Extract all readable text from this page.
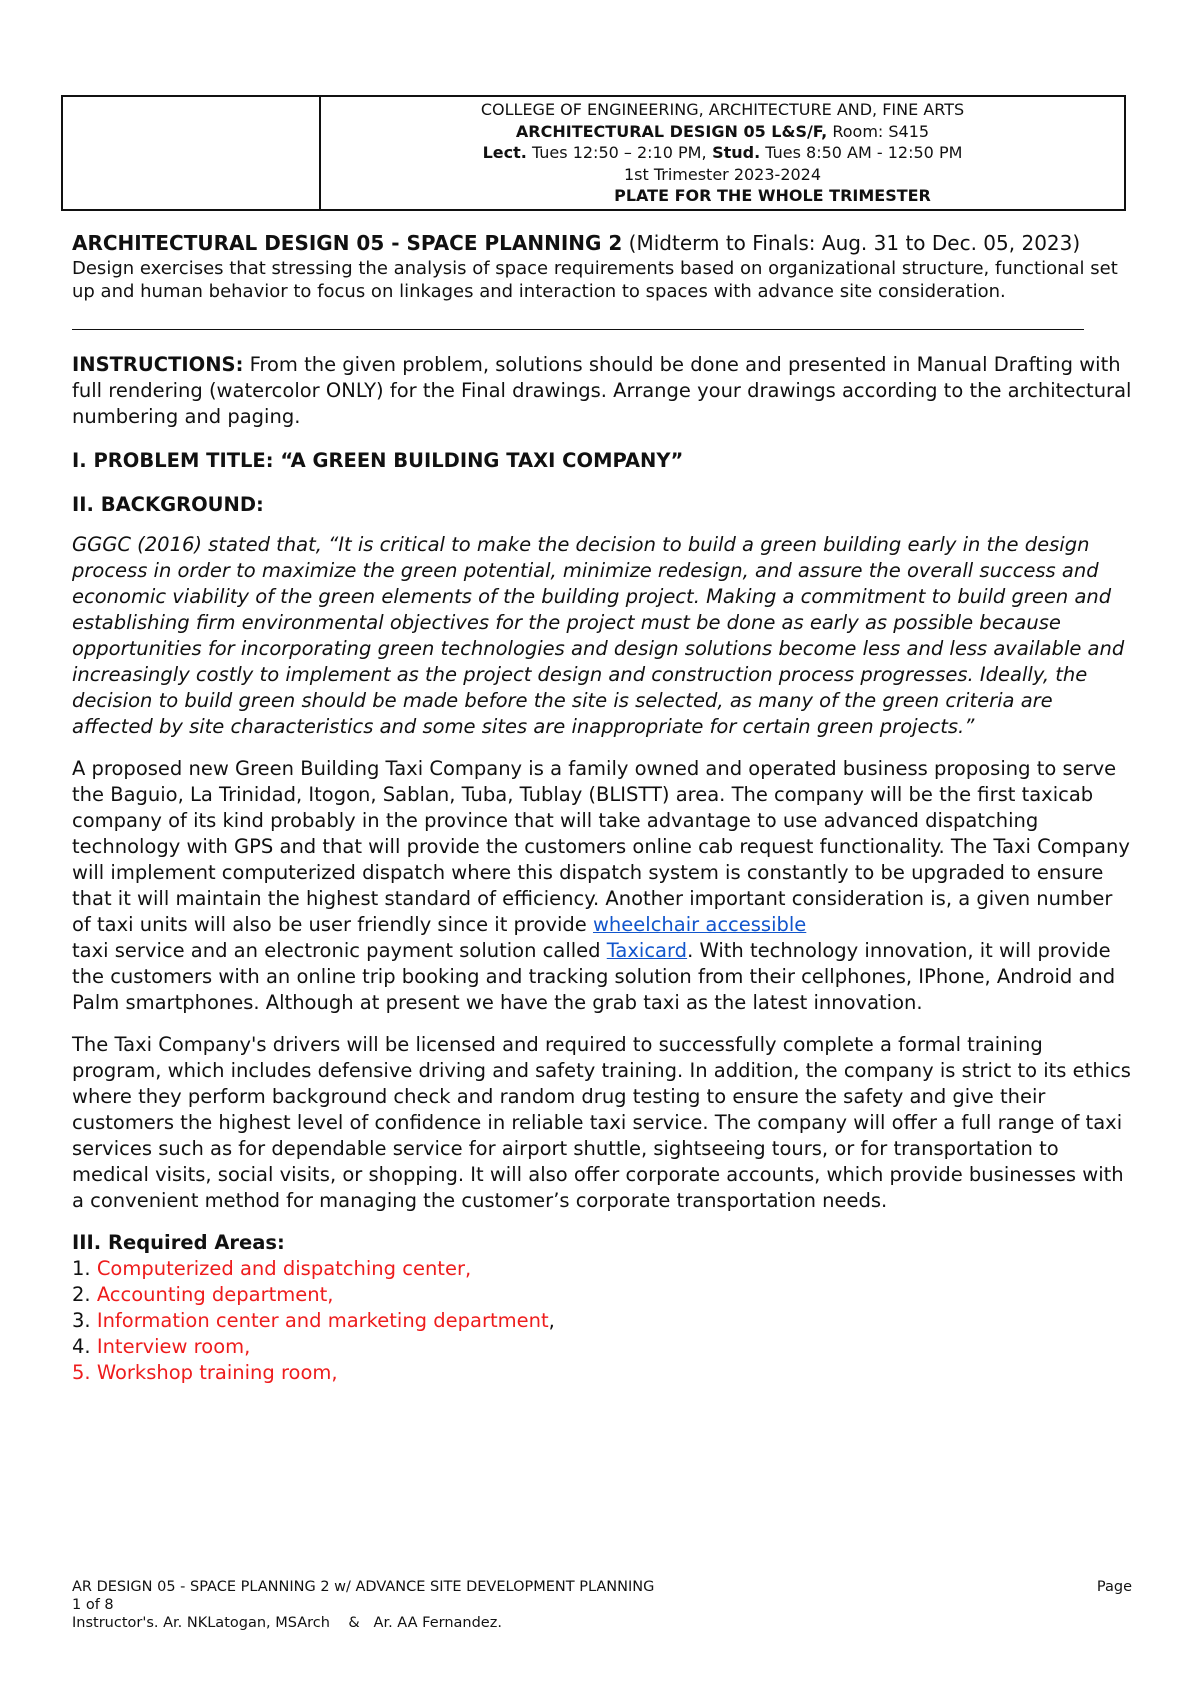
COLLEGE OF ENGINEERING, ARCHITECTURE AND, FINE ARTS
ARCHITECTURAL DESIGN 05 L&S/F, Room: S415
Lect. Tues 12:50 – 2:10 PM, Stud. Tues 8:50 AM - 12:50 PM
1st Trimester 2023-2024
PLATE FOR THE WHOLE TRIMESTER

ARCHITECTURAL DESIGN 05 - SPACE PLANNING 2 (Midterm to Finals: Aug. 31 to Dec. 05, 2023)

Design exercises that stressing the analysis of space requirements based on organizational structure, functional set up and human behavior to focus on linkages and interaction to spaces with advance site consideration.

INSTRUCTIONS: From the given problem, solutions should be done and presented in Manual Drafting with full rendering (watercolor ONLY) for the Final drawings. Arrange your drawings according to the architectural numbering and paging.

I. PROBLEM TITLE: “A GREEN BUILDING TAXI COMPANY”

II. BACKGROUND:

GGGC (2016) stated that, “It is critical to make the decision to build a green building early in the design process in order to maximize the green potential, minimize redesign, and assure the overall success and economic viability of the green elements of the building project. Making a commitment to build green and establishing firm environmental objectives for the project must be done as early as possible because opportunities for incorporating green technologies and design solutions become less and less available and increasingly costly to implement as the project design and construction process progresses. Ideally, the decision to build green should be made before the site is selected, as many of the green criteria are affected by site characteristics and some sites are inappropriate for certain green projects.”

A proposed new Green Building Taxi Company is a family owned and operated business proposing to serve the Baguio, La Trinidad, Itogon, Sablan, Tuba, Tublay (BLISTT) area. The company will be the first taxicab company of its kind probably in the province that will take advantage to use advanced dispatching technology with GPS and that will provide the customers online cab request functionality. The Taxi Company will implement computerized dispatch where this dispatch system is constantly to be upgraded to ensure that it will maintain the highest standard of efficiency. Another important consideration is, a given number of taxi units will also be user friendly since it provide wheelchair accessible
taxi service and an electronic payment solution called Taxicard. With technology innovation, it will provide the customers with an online trip booking and tracking solution from their cellphones, IPhone, Android and Palm smartphones. Although at present we have the grab taxi as the latest innovation.

The Taxi Company's drivers will be licensed and required to successfully complete a formal training program, which includes defensive driving and safety training. In addition, the company is strict to its ethics where they perform background check and random drug testing to ensure the safety and give their customers the highest level of confidence in reliable taxi service. The company will offer a full range of taxi services such as for dependable service for airport shuttle, sightseeing tours, or for transportation to medical visits, social visits, or shopping. It will also offer corporate accounts, which provide businesses with a convenient method for managing the customer’s corporate transportation needs.

III. Required Areas:

1. Computerized and dispatching center,
2. Accounting department,
3. Information center and marketing department,
4. Interview room,
5. Workshop training room,
AR DESIGN 05 - SPACE PLANNING 2 w/ ADVANCE SITE DEVELOPMENT PLANNING	Page
1 of 8
Instructor's. Ar. NKLatogan, MSArch    &   Ar. AA Fernandez.
